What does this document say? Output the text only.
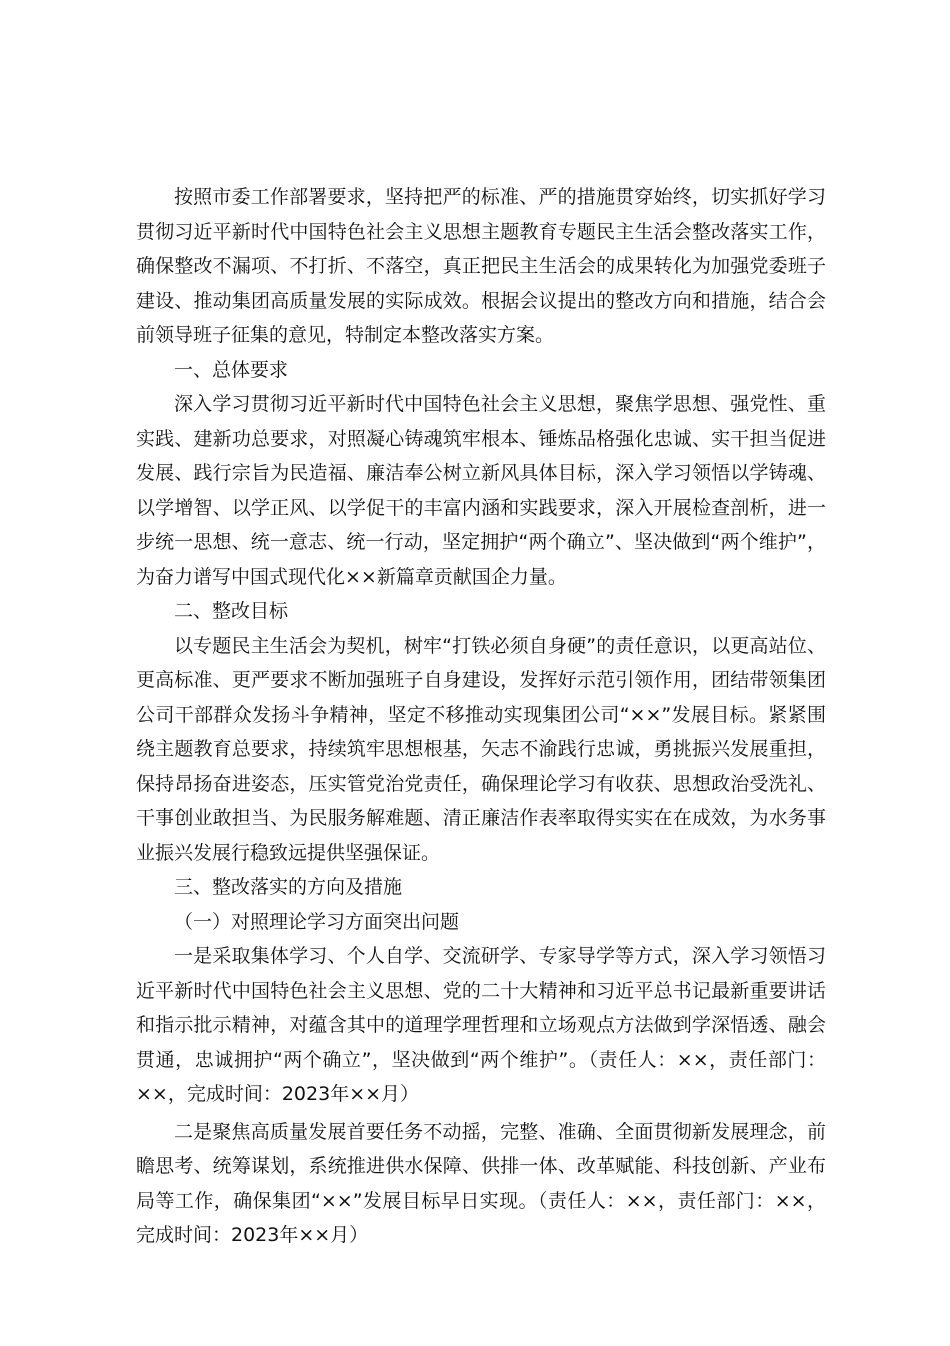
按照市委工作部署要求，坚持把严的标准、严的措施贯穿始终，切实抓好学习贯彻习近平新时代中国特色社会主义思想主题教育专题民主生活会整改落实工作，确保整改不漏项、不打折、不落空，真正把民主生活会的成果转化为加强党委班子建设、推动集团高质量发展的实际成效。根据会议提出的整改方向和措施，结合会前领导班子征集的意见，特制定本整改落实方案。

一、总体要求

深入学习贯彻习近平新时代中国特色社会主义思想，聚焦学思想、强党性、重实践、建新功总要求，对照凝心铸魂筑牢根本、锤炼品格强化忠诚、实干担当促进发展、践行宗旨为民造福、廉洁奉公树立新风具体目标，深入学习领悟以学铸魂、以学增智、以学正风、以学促干的丰富内涵和实践要求，深入开展检查剖析，进一步统一思想、统一意志、统一行动，坚定拥护“两个确立”、坚决做到“两个维护”，为奋力谱写中国式现代化××新篇章贡献国企力量。

二、整改目标

以专题民主生活会为契机，树牢“打铁必须自身硬”的责任意识，以更高站位、更高标准、更严要求不断加强班子自身建设，发挥好示范引领作用，团结带领集团公司干部群众发扬斗争精神，坚定不移推动实现集团公司“××”发展目标。紧紧围绕主题教育总要求，持续筑牢思想根基，矢志不渝践行忠诚，勇挑振兴发展重担，保持昂扬奋进姿态，压实管党治党责任，确保理论学习有收获、思想政治受洗礼、干事创业敢担当、为民服务解难题、清正廉洁作表率取得实实在在成效，为水务事业振兴发展行稳致远提供坚强保证。

三、整改落实的方向及措施

（一）对照理论学习方面突出问题

一是采取集体学习、个人自学、交流研学、专家导学等方式，深入学习领悟习近平新时代中国特色社会主义思想、党的二十大精神和习近平总书记最新重要讲话和指示批示精神，对蕴含其中的道理学理哲理和立场观点方法做到学深悟透、融会贯通，忠诚拥护“两个确立”，坚决做到“两个维护”。（责任人：××，责任部门：××，完成时间：2023年××月）

二是聚焦高质量发展首要任务不动摇，完整、准确、全面贯彻新发展理念，前瞻思考、统筹谋划，系统推进供水保障、供排一体、改革赋能、科技创新、产业布局等工作，确保集团“××”发展目标早日实现。（责任人：××，责任部门：××，完成时间：2023年××月）
